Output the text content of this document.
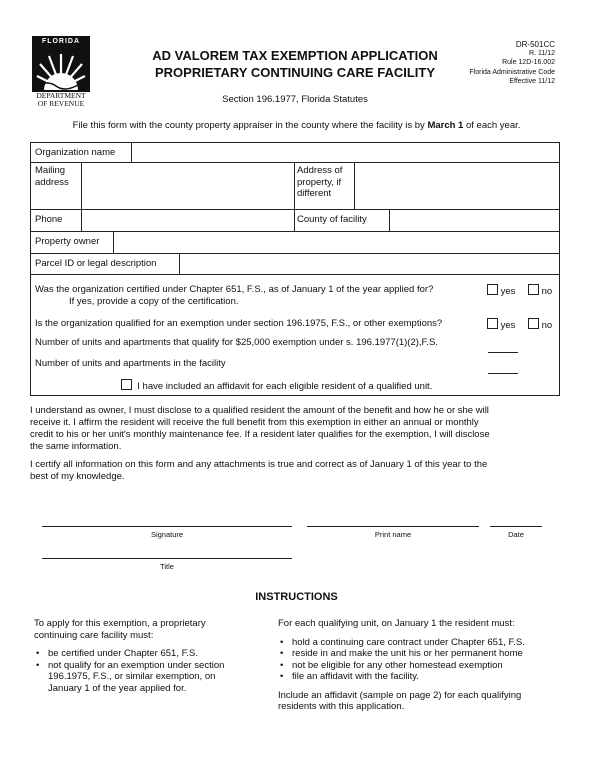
FLORIDA
DEPARTMENT
OF REVENUE
AD VALOREM TAX EXEMPTION APPLICATION
PROPRIETARY CONTINUING CARE FACILITY
DR-501CC
R. 11/12
Rule 12D-16.002
Florida Administrative Code
Effective 11/12
Section 196.1977, Florida Statutes
File this form with the county property appraiser in the county where the facility is by March 1 of each year.
Organization name
Mailing
address
Address of
property, if
different
Phone	County of facility
Property owner
Parcel ID or legal description
Was the organization certified under Chapter 651, F.S., as of January 1 of the year applied for?
If yes, provide a copy of the certification.
yes	no
Is the organization qualified for an exemption under section 196.1975, F.S., or other exemptions?	yes	no
Number of units and apartments that qualify for $25,000 exemption under s. 196.1977(1)(2),F.S.
Number of units and apartments in the facility
I have included an affidavit for each eligible resident of a qualified unit.
I understand as owner, I must disclose to a qualified resident the amount of the benefit and how he or she will
receive it. I affirm the resident will receive the full benefit from this exemption in either an annual or monthly
credit to his or her unit's monthly maintenance fee. If a resident later qualifies for the exemption, I will disclose
the same information.
I certify all information on this form and any attachments is true and correct as of January 1 of this year to the
best of my knowledge.
Signature	Print name	Date
Title
INSTRUCTIONS
To apply for this exemption, a proprietary
continuing care facility must:
• be certified under Chapter 651, F.S.
• not qualify for an exemption under section
196.1975, F.S., or similar exemption, on
January 1 of the year applied for.
For each qualifying unit, on January 1 the resident must:
• hold a continuing care contract under Chapter 651, F.S.
• reside in and make the unit his or her permanent home
• not be eligible for any other homestead exemption
• file an affidavit with the facility.
Include an affidavit (sample on page 2) for each qualifying
residents with this application.
